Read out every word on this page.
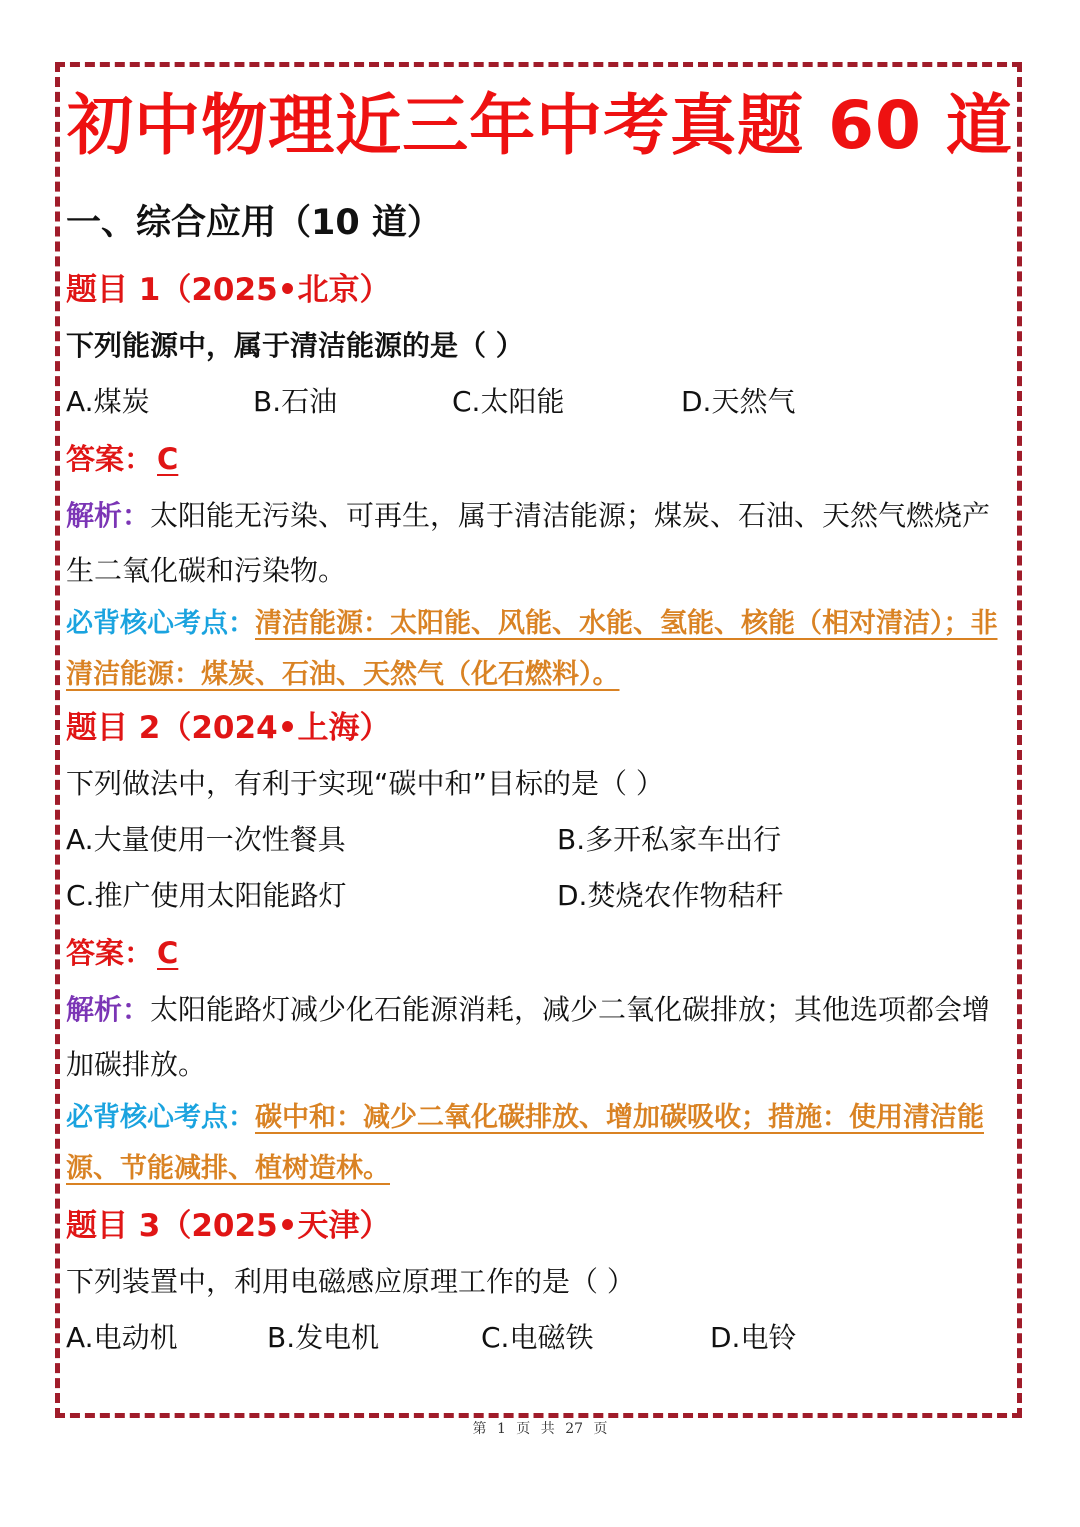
初中物理近三年中考真题 60 道
一、综合应用（10 道）
题目 1（2025•北京）
下列能源中，属于清洁能源的是（ ）
A.煤炭	B.石油	C.太阳能	D.天然气
答案： C
解析：太阳能无污染、可再生，属于清洁能源；煤炭、石油、天然气燃烧产生二氧化碳和污染物。
必背核心考点：清洁能源：太阳能、风能、水能、氢能、核能（相对清洁）；非清洁能源：煤炭、石油、天然气（化石燃料）。
题目 2（2024•上海）
下列做法中，有利于实现“碳中和”目标的是（ ）
A.大量使用一次性餐具	B.多开私家车出行
C.推广使用太阳能路灯	D.焚烧农作物秸秆
答案： C
解析：太阳能路灯减少化石能源消耗，减少二氧化碳排放；其他选项都会增加碳排放。
必背核心考点：碳中和：减少二氧化碳排放、增加碳吸收；措施：使用清洁能源、节能减排、植树造林。
题目 3（2025•天津）
下列装置中，利用电磁感应原理工作的是（ ）
A.电动机	B.发电机	C.电磁铁	D.电铃
第 1 页 共 27 页
